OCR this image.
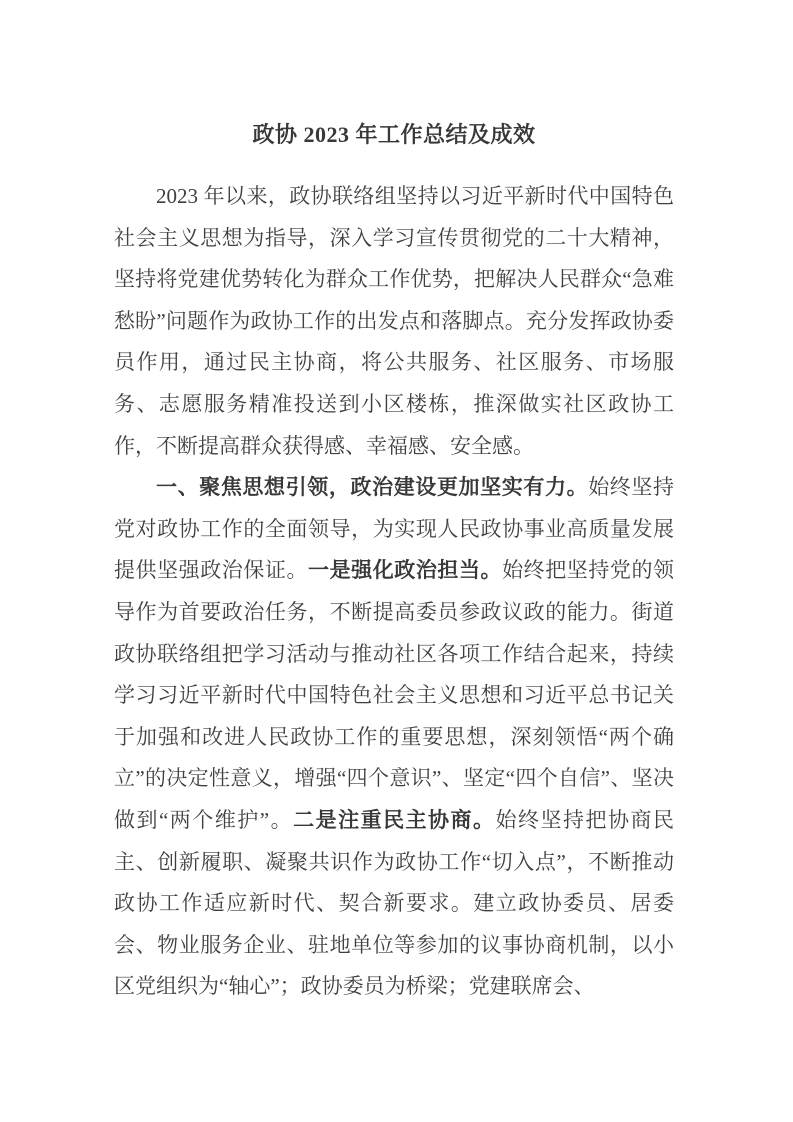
政协 2023 年工作总结及成效

2023 年以来，政协联络组坚持以习近平新时代中国特色社会主义思想为指导，深入学习宣传贯彻党的二十大精神，坚持将党建优势转化为群众工作优势，把解决人民群众“急难愁盼”问题作为政协工作的出发点和落脚点。充分发挥政协委员作用，通过民主协商，将公共服务、社区服务、市场服务、志愿服务精准投送到小区楼栋，推深做实社区政协工作，不断提高群众获得感、幸福感、安全感。

一、聚焦思想引领，政治建设更加坚实有力。始终坚持党对政协工作的全面领导，为实现人民政协事业高质量发展提供坚强政治保证。一是强化政治担当。始终把坚持党的领导作为首要政治任务，不断提高委员参政议政的能力。街道政协联络组把学习活动与推动社区各项工作结合起来，持续学习习近平新时代中国特色社会主义思想和习近平总书记关于加强和改进人民政协工作的重要思想，深刻领悟“两个确立”的决定性意义，增强“四个意识”、坚定“四个自信”、坚决做到“两个维护”。二是注重民主协商。始终坚持把协商民主、创新履职、凝聚共识作为政协工作“切入点”，不断推动政协工作适应新时代、契合新要求。建立政协委员、居委会、物业服务企业、驻地单位等参加的议事协商机制，以小区党组织为“轴心”；政协委员为桥梁；党建联席会、
